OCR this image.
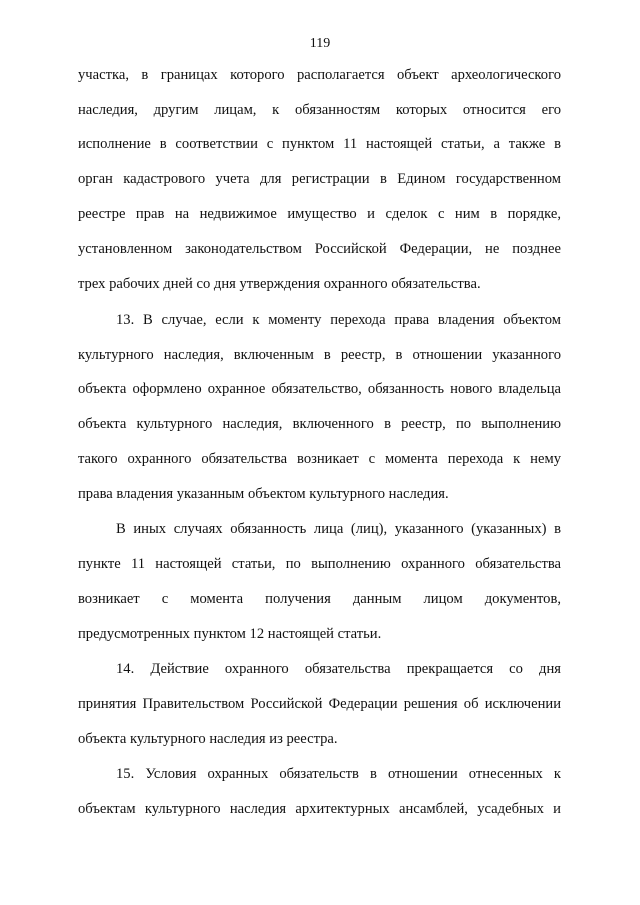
119
участка, в границах которого располагается объект археологического
наследия, другим лицам, к обязанностям которых относится его
исполнение в соответствии с пунктом 11 настоящей статьи, а также в
орган кадастрового учета для регистрации в Едином государственном
реестре прав на недвижимое имущество и сделок с ним в порядке,
установленном законодательством Российской Федерации, не позднее
трех рабочих дней со дня утверждения охранного обязательства.
13. В случае, если к моменту перехода права владения объектом
культурного наследия, включенным в реестр, в отношении указанного
объекта оформлено охранное обязательство, обязанность нового владельца
объекта культурного наследия, включенного в реестр, по выполнению
такого охранного обязательства возникает с момента перехода к нему
права владения указанным объектом культурного наследия.
В иных случаях обязанность лица (лиц), указанного (указанных) в
пункте 11 настоящей статьи, по выполнению охранного обязательства
возникает с момента получения данным лицом документов,
предусмотренных пунктом 12 настоящей статьи.
14. Действие охранного обязательства прекращается со дня
принятия Правительством Российской Федерации решения об исключении
объекта культурного наследия из реестра.
15. Условия охранных обязательств в отношении отнесенных к
объектам культурного наследия архитектурных ансамблей, усадебных и
